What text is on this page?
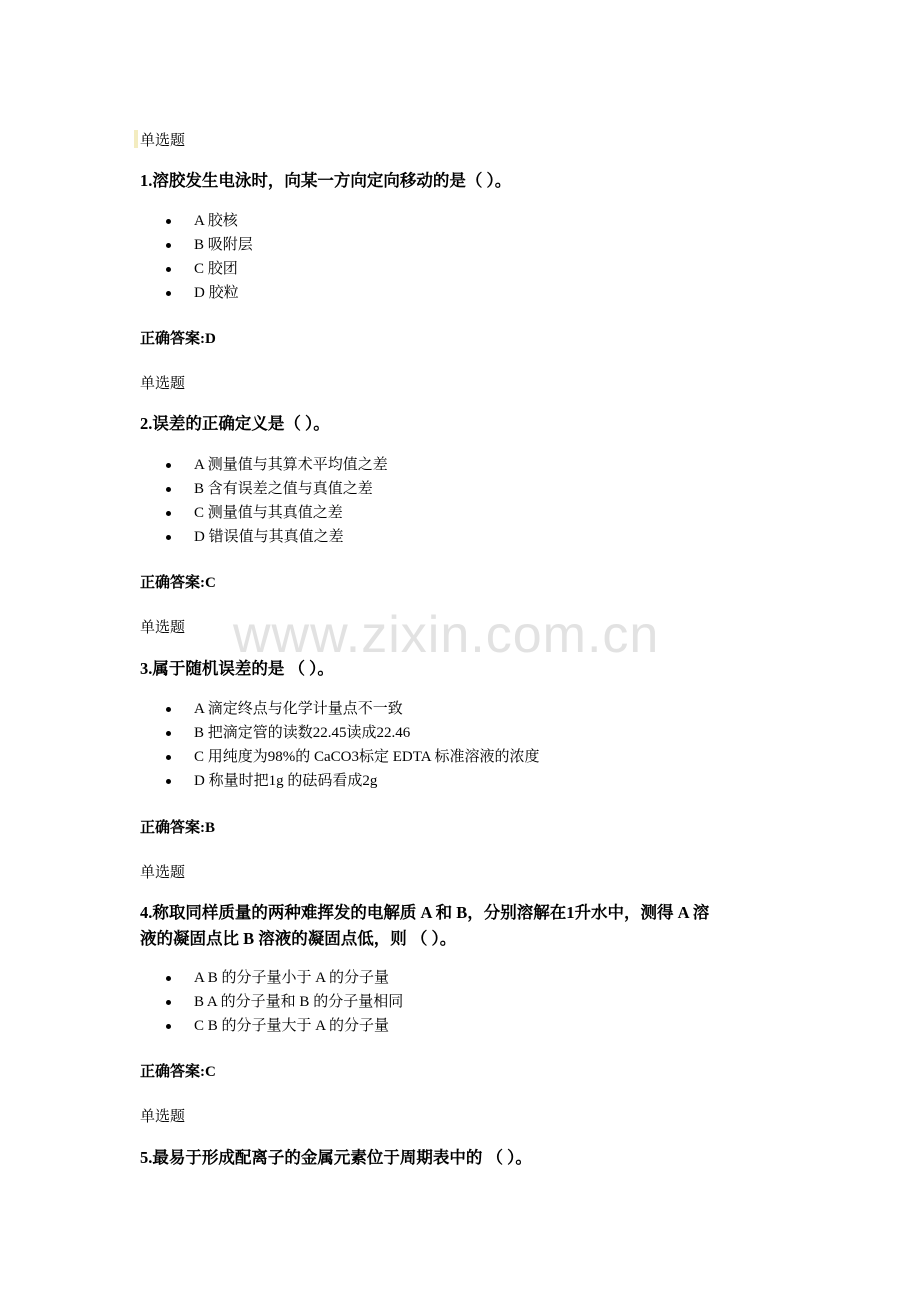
单选题
1.溶胶发生电泳时，向某一方向定向移动的是（ ）。
A 胶核
B 吸附层
C 胶团
D 胶粒
正确答案:D
单选题
2.误差的正确定义是（ ）。
A 测量值与其算术平均值之差
B 含有误差之值与真值之差
C 测量值与其真值之差
D 错误值与其真值之差
正确答案:C
单选题
3.属于随机误差的是 （ ）。
A 滴定终点与化学计量点不一致
B 把滴定管的读数22.45读成22.46
C 用纯度为98%的 CaCO3标定 EDTA 标准溶液的浓度
D 称量时把1g 的砝码看成2g
正确答案:B
单选题
4.称取同样质量的两种难挥发的电解质 A 和 B，分别溶解在1升水中，测得 A 溶
液的凝固点比 B 溶液的凝固点低，则 （ ）。
A B 的分子量小于 A 的分子量
B A 的分子量和 B 的分子量相同
C B 的分子量大于 A 的分子量
正确答案:C
单选题
5.最易于形成配离子的金属元素位于周期表中的 （ ）。
www.zixin.com.cn
